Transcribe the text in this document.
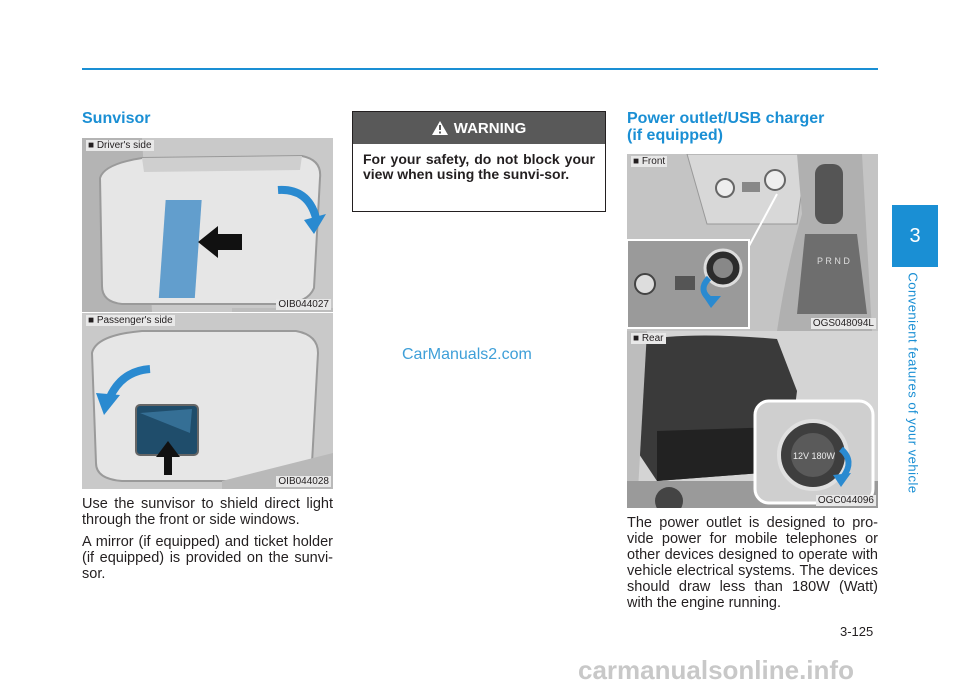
Sunvisor
■ Driver's side
OIB044027
■ Passenger's side
OIB044028

Use the sunvisor to shield direct light through the front or side windows.

A mirror (if equipped) and ticket holder (if equipped) is provided on the sunvi-sor.

WARNING
For your safety, do not block your view when using the sunvi-sor.
CarManuals2.com
Power outlet/USB charger
(if equipped)
P R N D
■ Front
OGS048094L
12V 180W
■ Rear
OGC044096

The power outlet is designed to pro-vide power for mobile telephones or other devices designed to operate with vehicle electrical systems. The devices should draw less than 180W (Watt) with the engine running.

3
Convenient features of your vehicle
3-125
carmanualsonline.info
